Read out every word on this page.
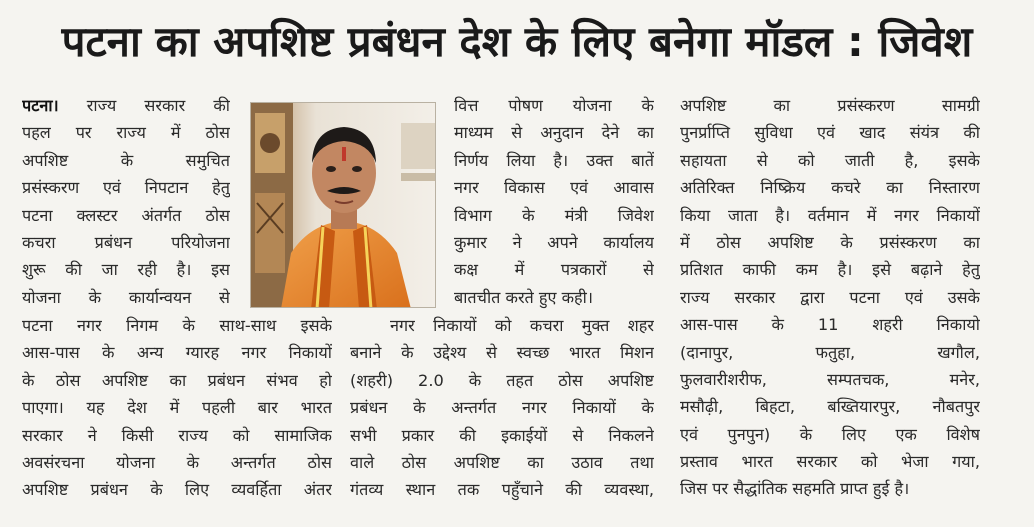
पटना का अपशिष्ट प्रबंधन देश के लिए बनेगा मॉडल : जिवेश
पटना। राज्य सरकार की
पहल पर राज्य में ठोस
अपशिष्ट के समुचित
प्रसंस्करण एवं निपटान हेतु
पटना क्लस्टर अंतर्गत ठोस
कचरा प्रबंधन परियोजना
शुरू की जा रही है। इस
योजना के कार्यान्वयन से
पटना नगर निगम के साथ-साथ इसके
आस-पास के अन्य ग्यारह नगर निकायों
के ठोस अपशिष्ट का प्रबंधन संभव हो
पाएगा। यह देश में पहली बार भारत
सरकार ने किसी राज्य को सामाजिक
अवसंरचना योजना के अन्तर्गत ठोस
अपशिष्ट प्रबंधन के लिए व्यवर्हिता अंतर
वित्त पोषण योजना के
माध्यम से अनुदान देने का
निर्णय लिया है। उक्त बातें
नगर विकास एवं आवास
विभाग के मंत्री जिवेश
कुमार ने अपने कार्यालय
कक्ष में पत्रकारों से
बातचीत करते हुए कही।
नगर निकायों को कचरा मुक्त शहर
बनाने के उद्देश्य से स्वच्छ भारत मिशन
(शहरी) 2.0 के तहत ठोस अपशिष्ट
प्रबंधन के अन्तर्गत नगर निकायों के
सभी प्रकार की इकाईयों से निकलने
वाले ठोस अपशिष्ट का उठाव तथा
गंतव्य स्थान तक पहुँचाने की व्यवस्था,
अपशिष्ट का प्रसंस्करण सामग्री
पुनर्प्राप्ति सुविधा एवं खाद संयंत्र की
सहायता से को जाती है, इसके
अतिरिक्त निष्क्रिय कचरे का निस्तारण
किया जाता है। वर्तमान में नगर निकायों
में ठोस अपशिष्ट के प्रसंस्करण का
प्रतिशत काफी कम है। इसे बढ़ाने हेतु
राज्य सरकार द्वारा पटना एवं उसके
आस-पास के 11 शहरी निकायो
(दानापुर, फतुहा, खगौल,
फुलवारीशरीफ, सम्पतचक, मनेर,
मसौढ़ी, बिहटा, बख्तियारपुर, नौबतपुर
एवं पुनपुन) के लिए एक विशेष
प्रस्ताव भारत सरकार को भेजा गया,
जिस पर सैद्धांतिक सहमति प्राप्त हुई है।
